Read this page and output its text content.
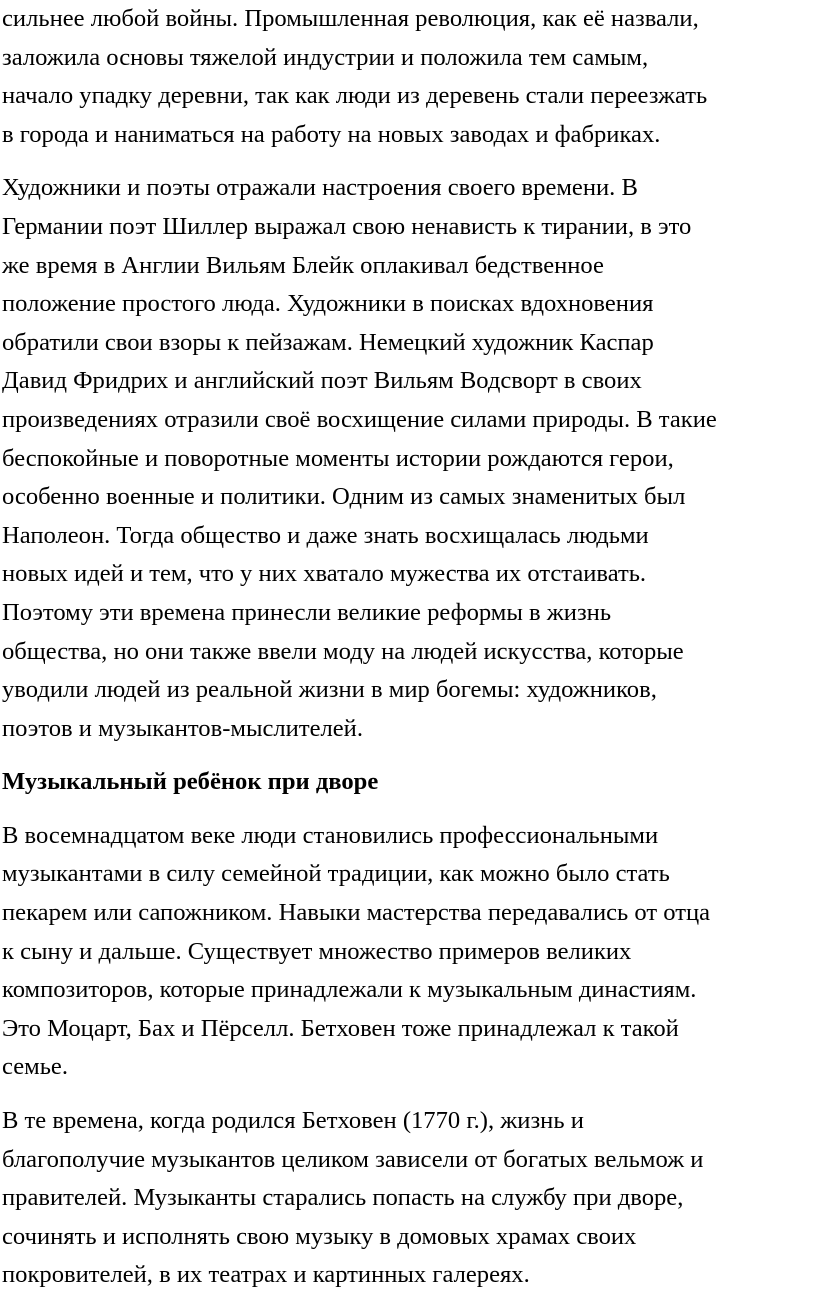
сильнее любой войны. Промышленная революция, как её назвали,
заложила основы тяжелой индустрии и положила тем самым,
начало упадку деревни, так как люди из деревень стали переезжать
в города и наниматься на работу на новых заводах и фабриках.
Художники и поэты отражали настроения своего времени. В
Германии поэт Шиллер выражал свою ненависть к тирании, в это
же время в Англии Вильям Блейк оплакивал бедственное
положение простого люда. Художники в поисках вдохновения
обратили свои взоры к пейзажам. Немецкий художник Каспар
Давид Фридрих и английский поэт Вильям Водсворт в своих
произведениях отразили своё восхищение силами природы. В такие
беспокойные и поворотные моменты истории рождаются герои,
особенно военные и политики. Одним из самых знаменитых был
Наполеон. Тогда общество и даже знать восхищалась людьми
новых идей и тем, что у них хватало мужества их отстаивать.
Поэтому эти времена принесли великие реформы в жизнь
общества, но они также ввели моду на людей искусства, которые
уводили людей из реальной жизни в мир богемы: художников,
поэтов и музыкантов-мыслителей.
Музыкальный ребёнок при дворе
В восемнадцатом веке люди становились профессиональными
музыкантами в силу семейной традиции, как можно было стать
пекарем или сапожником. Навыки мастерства передавались от отца
к сыну и дальше. Существует множество примеров великих
композиторов, которые принадлежали к музыкальным династиям.
Это Моцарт, Бах и Пёрселл. Бетховен тоже принадлежал к такой
семье.
В те времена, когда родился Бетховен (1770 г.), жизнь и
благополучие музыкантов целиком зависели от богатых вельмож и
правителей. Музыканты старались попасть на службу при дворе,
сочинять и исполнять свою музыку в домовых храмах своих
покровителей, в их театрах и картинных галереях.
